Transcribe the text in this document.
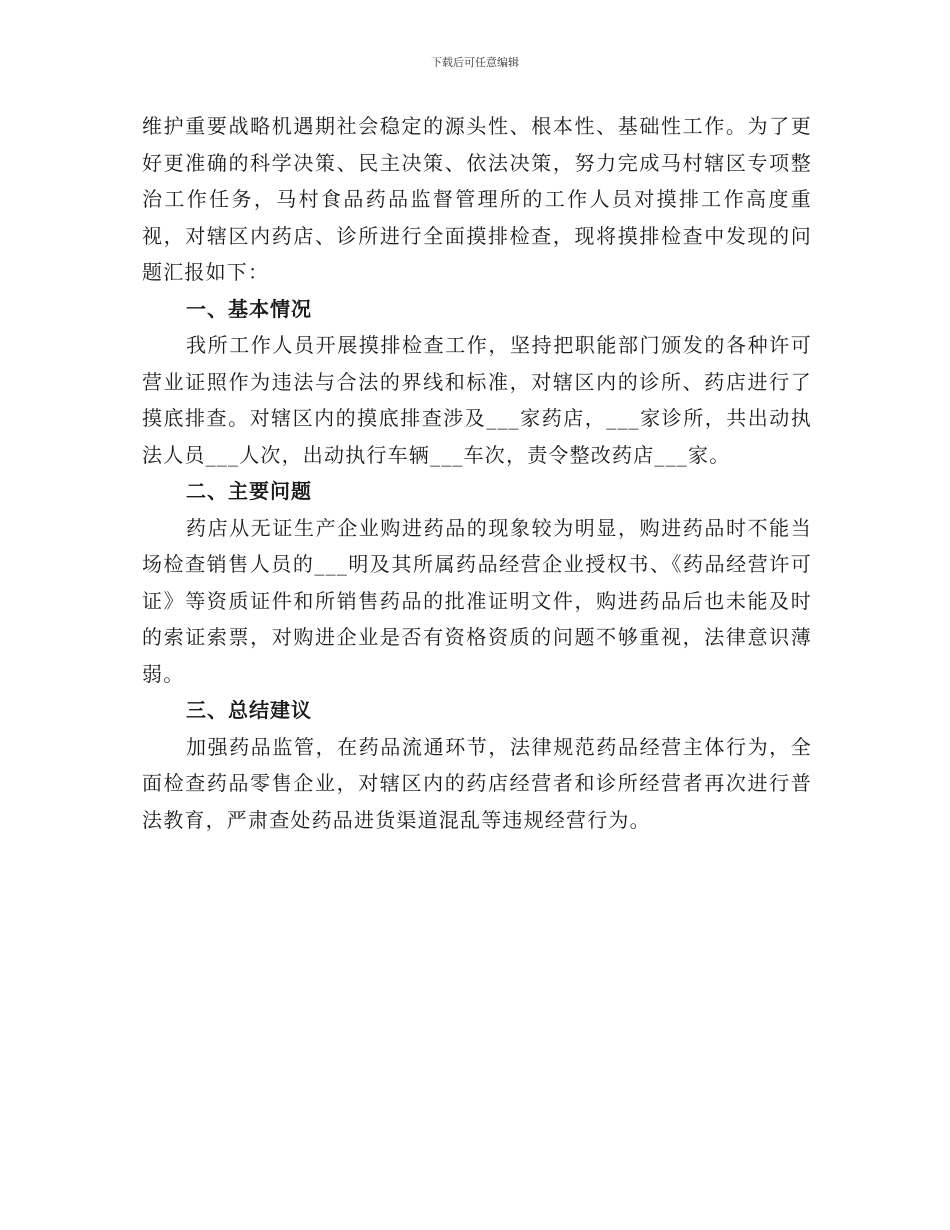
下载后可任意编辑

维护重要战略机遇期社会稳定的源头性、根本性、基础性工作。为了更好更准确的科学决策、民主决策、依法决策，努力完成马村辖区专项整治工作任务，马村食品药品监督管理所的工作人员对摸排工作高度重视，对辖区内药店、诊所进行全面摸排检查，现将摸排检查中发现的问题汇报如下：

一、基本情况

我所工作人员开展摸排检查工作，坚持把职能部门颁发的各种许可营业证照作为违法与合法的界线和标准，对辖区内的诊所、药店进行了摸底排查。对辖区内的摸底排查涉及___家药店，___家诊所，共出动执法人员___人次，出动执行车辆___车次，责令整改药店___家。

二、主要问题

药店从无证生产企业购进药品的现象较为明显，购进药品时不能当场检查销售人员的___明及其所属药品经营企业授权书、《药品经营许可证》等资质证件和所销售药品的批准证明文件，购进药品后也未能及时的索证索票，对购进企业是否有资格资质的问题不够重视，法律意识薄弱。

三、总结建议

加强药品监管，在药品流通环节，法律规范药品经营主体行为，全面检查药品零售企业，对辖区内的药店经营者和诊所经营者再次进行普法教育，严肃查处药品进货渠道混乱等违规经营行为。
